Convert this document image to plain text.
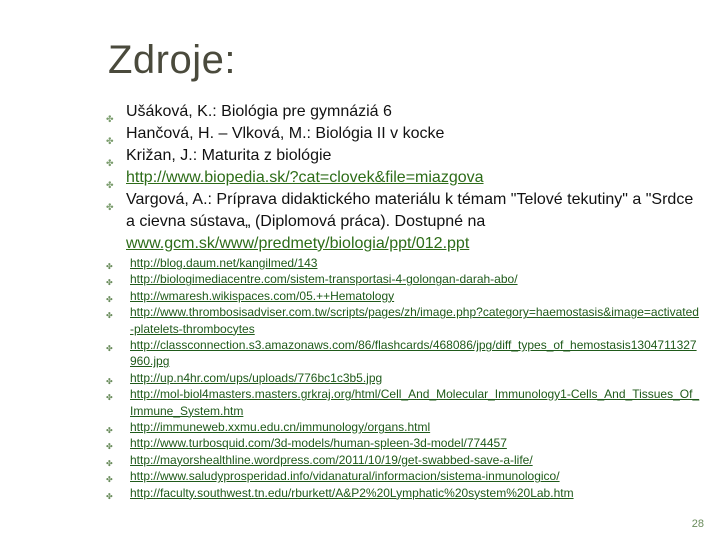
Zdroje:
✤ Ušáková, K.: Biológia pre gymnáziá 6
✤ Hančová, H. – Vlková, M.: Biológia II v kocke
✤ Križan, J.: Maturita z biológie
✤ http://www.biopedia.sk/?cat=clovek&file=miazgova
✤ Vargová, A.: Príprava didaktického materiálu k témam "Telové tekutiny" a "Srdce a cievna sústava„ (Diplomová práca). Dostupné na www.gcm.sk/www/predmety/biologia/ppt/012.ppt
✤ http://blog.daum.net/kangilmed/143
✤ http://biologimediacentre.com/sistem-transportasi-4-golongan-darah-abo/
✤ http://wmaresh.wikispaces.com/05.++Hematology
✤ http://www.thrombosisadviser.com.tw/scripts/pages/zh/image.php?category=haemostasis&image=activated-platelets-thrombocytes
✤ http://classconnection.s3.amazonaws.com/86/flashcards/468086/jpg/diff_types_of_hemostasis1304711327960.jpg
✤ http://up.n4hr.com/ups/uploads/776bc1c3b5.jpg
✤ http://mol-biol4masters.masters.grkraj.org/html/Cell_And_Molecular_Immunology1-Cells_And_Tissues_Of_Immune_System.htm
✤ http://immuneweb.xxmu.edu.cn/immunology/organs.html
✤ http://www.turbosquid.com/3d-models/human-spleen-3d-model/774457
✤ http://mayorshealthline.wordpress.com/2011/10/19/get-swabbed-save-a-life/
✤ http://www.saludyprosperidad.info/vidanatural/informacion/sistema-inmunologico/
✤ http://faculty.southwest.tn.edu/rburkett/A&P2%20Lymphatic%20system%20Lab.htm
28
